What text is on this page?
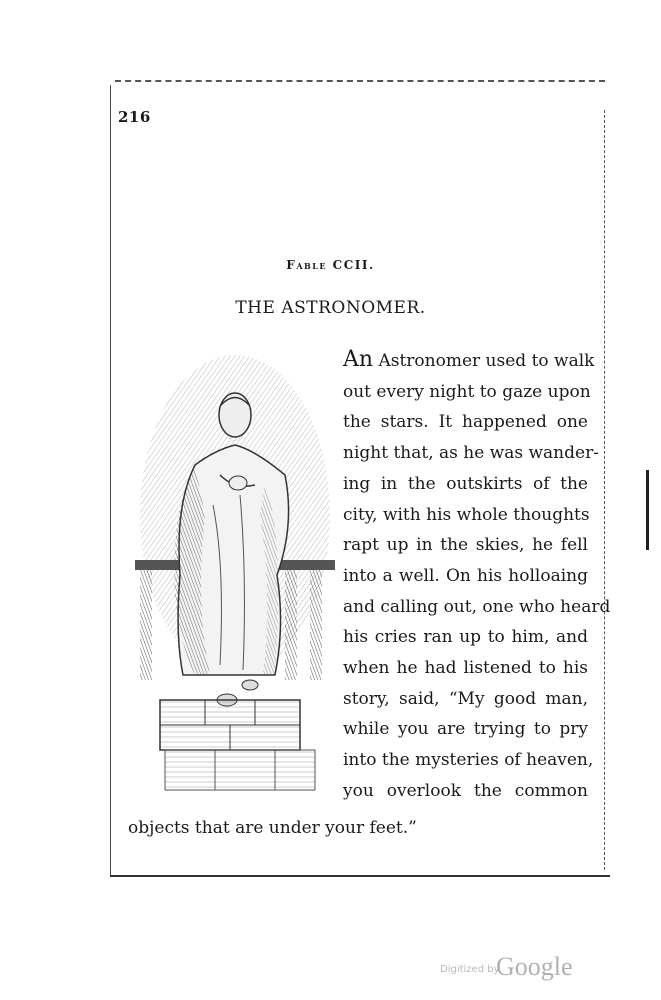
216
Fable CCII.
THE ASTRONOMER.
An Astronomer used to walk
out every night to gaze upon
the stars. It happened one
night that, as he was wander-
ing in the outskirts of the
city, with his whole thoughts
rapt up in the skies, he fell
into a well. On his holloaing
and calling out, one who heard
his cries ran up to him, and
when he had listened to his
story, said, “My good man,
while you are trying to pry
into the mysteries of heaven,
you overlook the common
objects that are under your feet.”
Digitized by
Google
